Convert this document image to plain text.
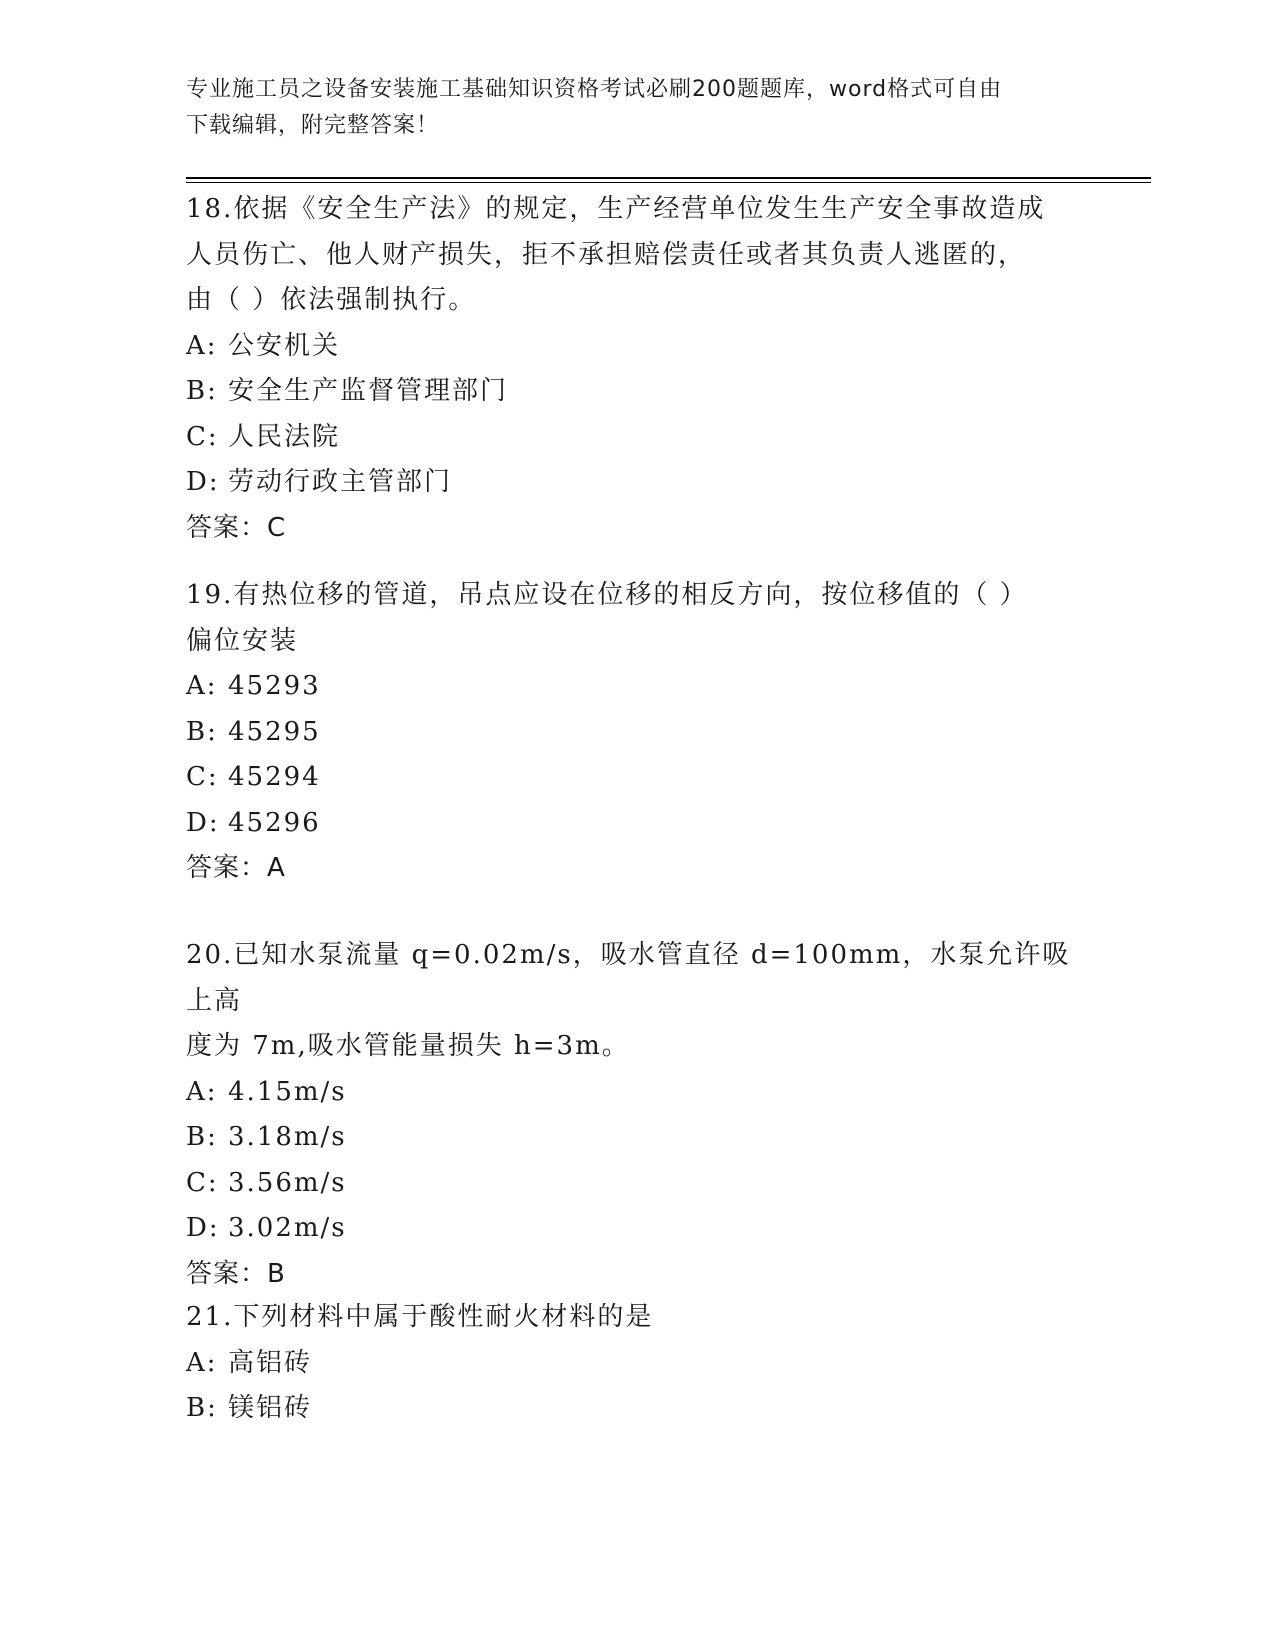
专业施工员之设备安装施工基础知识资格考试必刷200题题库，word格式可自由
下载编辑，附完整答案！

18.依据《安全生产法》的规定，生产经营单位发生生产安全事故造成

人员伤亡、他人财产损失，拒不承担赔偿责任或者其负责人逃匿的，

由（ ）依法强制执行。

A: 公安机关

B: 安全生产监督管理部门

C: 人民法院

D: 劳动行政主管部门

答案：C

19.有热位移的管道，吊点应设在位移的相反方向，按位移值的（ ）

偏位安装

A: 45293

B: 45295

C: 45294

D: 45296

答案：A

20.已知水泵流量 q=0.02m/s，吸水管直径 d=100mm，水泵允许吸上高

度为 7m,吸水管能量损失 h=3m。

A: 4.15m/s

B: 3.18m/s

C: 3.56m/s

D: 3.02m/s

答案：B

21.下列材料中属于酸性耐火材料的是

A: 高铝砖

B: 镁铝砖
